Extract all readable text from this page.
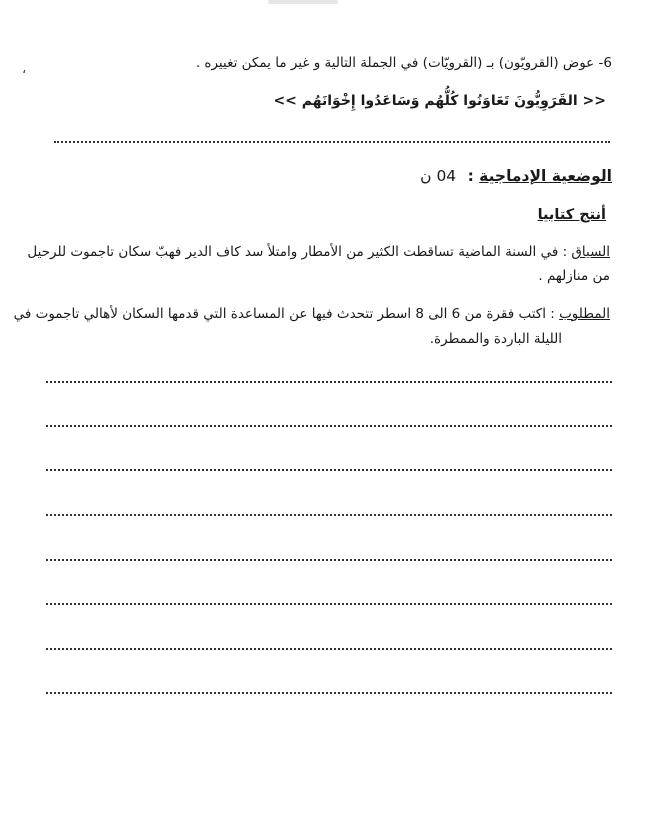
،	6- عوض (القرويّون) بـ (القرويّات) في الجملة التالية و غير ما يمكن تغييره .
<< القَرَوِيُّونَ تَعَاوَنُوا كُلُّهُم وَسَاعَدُوا إِخْوَانَهُم >>
الوضعية الإدماجية : 04 ن
أنتج كتابيا
السياق : في السنة الماضية تساقطت الكثير من الأمطار وامتلأ سد كاف الدير فهبّ سكان تاجموت للرحيل
من منازلهم .
المطلوب : اكتب فقرة من 6 الى 8 اسطر تتحدث فيها عن المساعدة التي قدمها السكان لأهالي تاجموت في
الليلة الباردة والممطرة.
